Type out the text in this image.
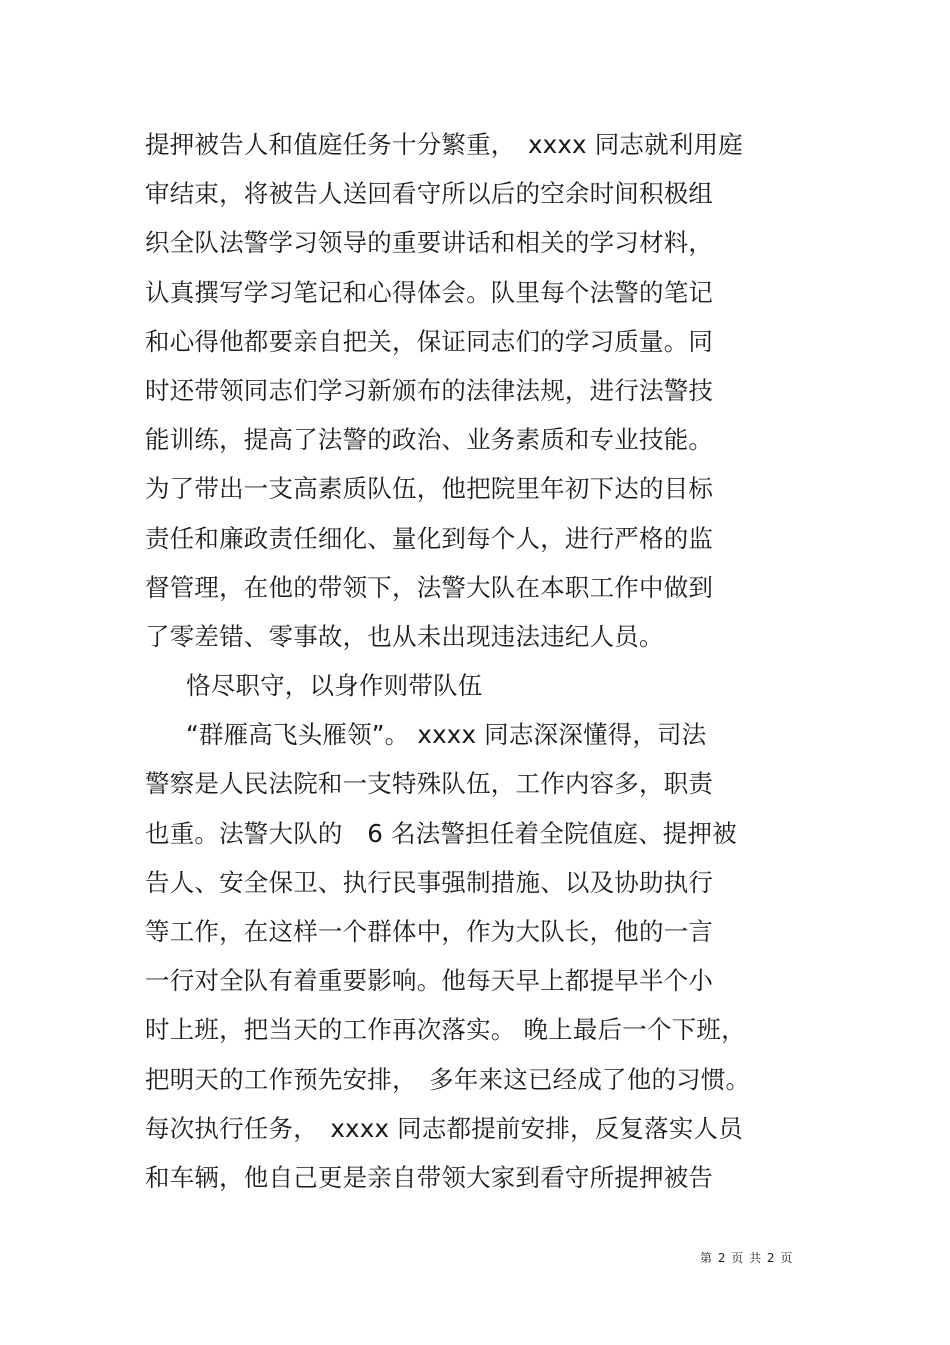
提押被告人和值庭任务十分繁重，　xxxx 同志就利用庭
审结束，将被告人送回看守所以后的空余时间积极组
织全队法警学习领导的重要讲话和相关的学习材料，
认真撰写学习笔记和心得体会。队里每个法警的笔记
和心得他都要亲自把关，保证同志们的学习质量。同
时还带领同志们学习新颁布的法律法规，进行法警技
能训练，提高了法警的政治、业务素质和专业技能。
为了带出一支高素质队伍，他把院里年初下达的目标
责任和廉政责任细化、量化到每个人，进行严格的监
督管理，在他的带领下，法警大队在本职工作中做到
了零差错、零事故，也从未出现违法违纪人员。
恪尽职守，以身作则带队伍
“群雁高飞头雁领”。 xxxx 同志深深懂得，司法
警察是人民法院和一支特殊队伍，工作内容多，职责
也重。法警大队的　6 名法警担任着全院值庭、提押被
告人、安全保卫、执行民事强制措施、以及协助执行
等工作，在这样一个群体中，作为大队长，他的一言
一行对全队有着重要影响。他每天早上都提早半个小
时上班，把当天的工作再次落实。 晚上最后一个下班，
把明天的工作预先安排，　多年来这已经成了他的习惯。
每次执行任务，　xxxx 同志都提前安排，反复落实人员
和车辆，他自己更是亲自带领大家到看守所提押被告
第 2 页 共 2 页
